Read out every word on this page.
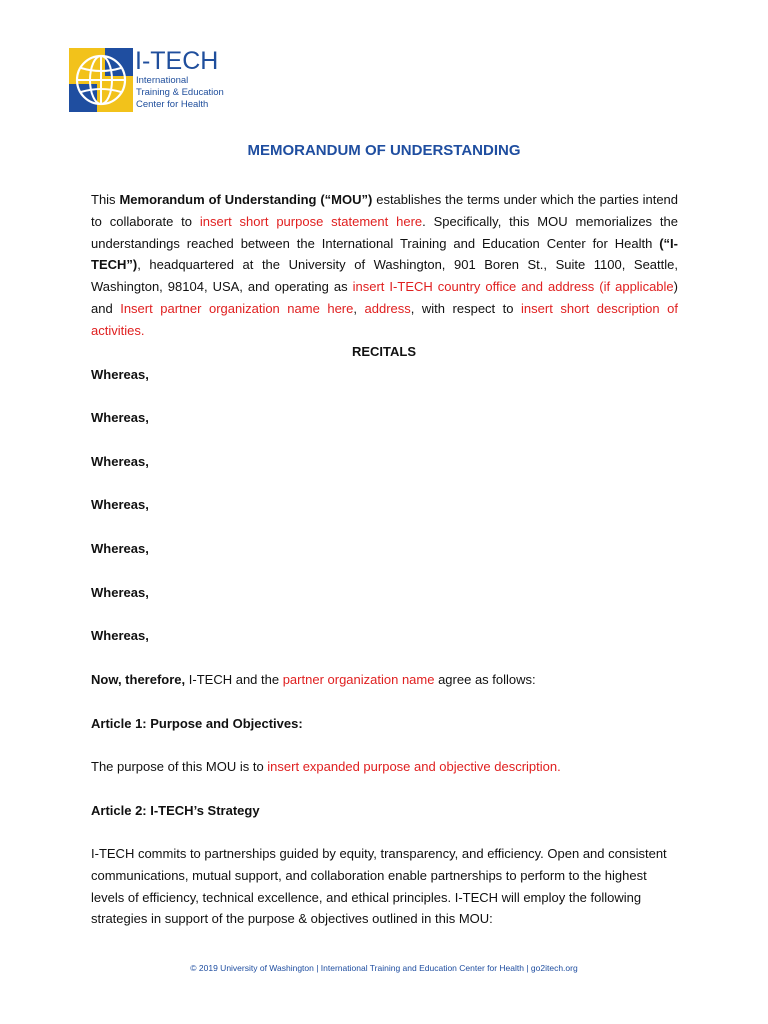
I-TECH
International
Training & Education
Center for Health
MEMORANDUM OF UNDERSTANDING
This Memorandum of Understanding (“MOU”) establishes the terms under which the parties intend to collaborate to insert short purpose statement here. Specifically, this MOU memorializes the understandings reached between the International Training and Education Center for Health (“I-TECH”), headquartered at the University of Washington, 901 Boren St., Suite 1100, Seattle, Washington, 98104, USA, and operating as insert I-TECH country office and address (if applicable) and Insert partner organization name here, address, with respect to insert short description of activities.
RECITALS
Whereas,
Whereas,
Whereas,
Whereas,
Whereas,
Whereas,
Whereas,
Now, therefore, I-TECH and the partner organization name agree as follows:
Article 1: Purpose and Objectives:
The purpose of this MOU is to insert expanded purpose and objective description.
Article 2: I-TECH’s Strategy
I-TECH commits to partnerships guided by equity, transparency, and efficiency. Open and consistent communications, mutual support, and collaboration enable partnerships to perform to the highest levels of efficiency, technical excellence, and ethical principles. I-TECH will employ the following strategies in support of the purpose & objectives outlined in this MOU:
© 2019 University of Washington | International Training and Education Center for Health | go2itech.org
